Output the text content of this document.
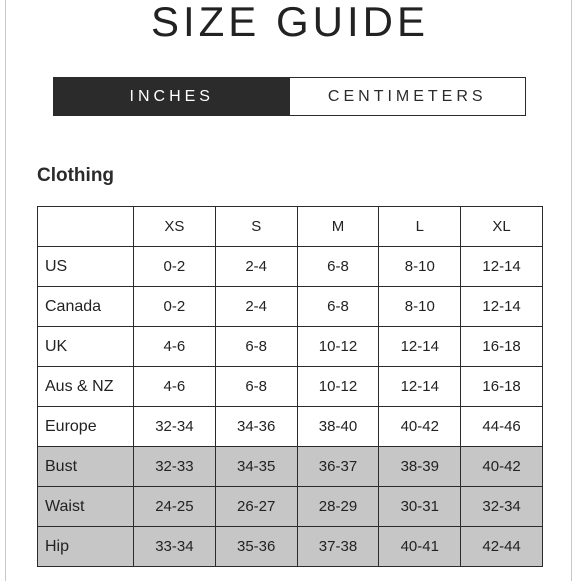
SIZE GUIDE
INCHES	CENTIMETERS
Clothing
	XS	S	M	L	XL
US	0-2	2-4	6-8	8-10	12-14
Canada	0-2	2-4	6-8	8-10	12-14
UK	4-6	6-8	10-12	12-14	16-18
Aus & NZ	4-6	6-8	10-12	12-14	16-18
Europe	32-34	34-36	38-40	40-42	44-46
Bust	32-33	34-35	36-37	38-39	40-42
Waist	24-25	26-27	28-29	30-31	32-34
Hip	33-34	35-36	37-38	40-41	42-44
